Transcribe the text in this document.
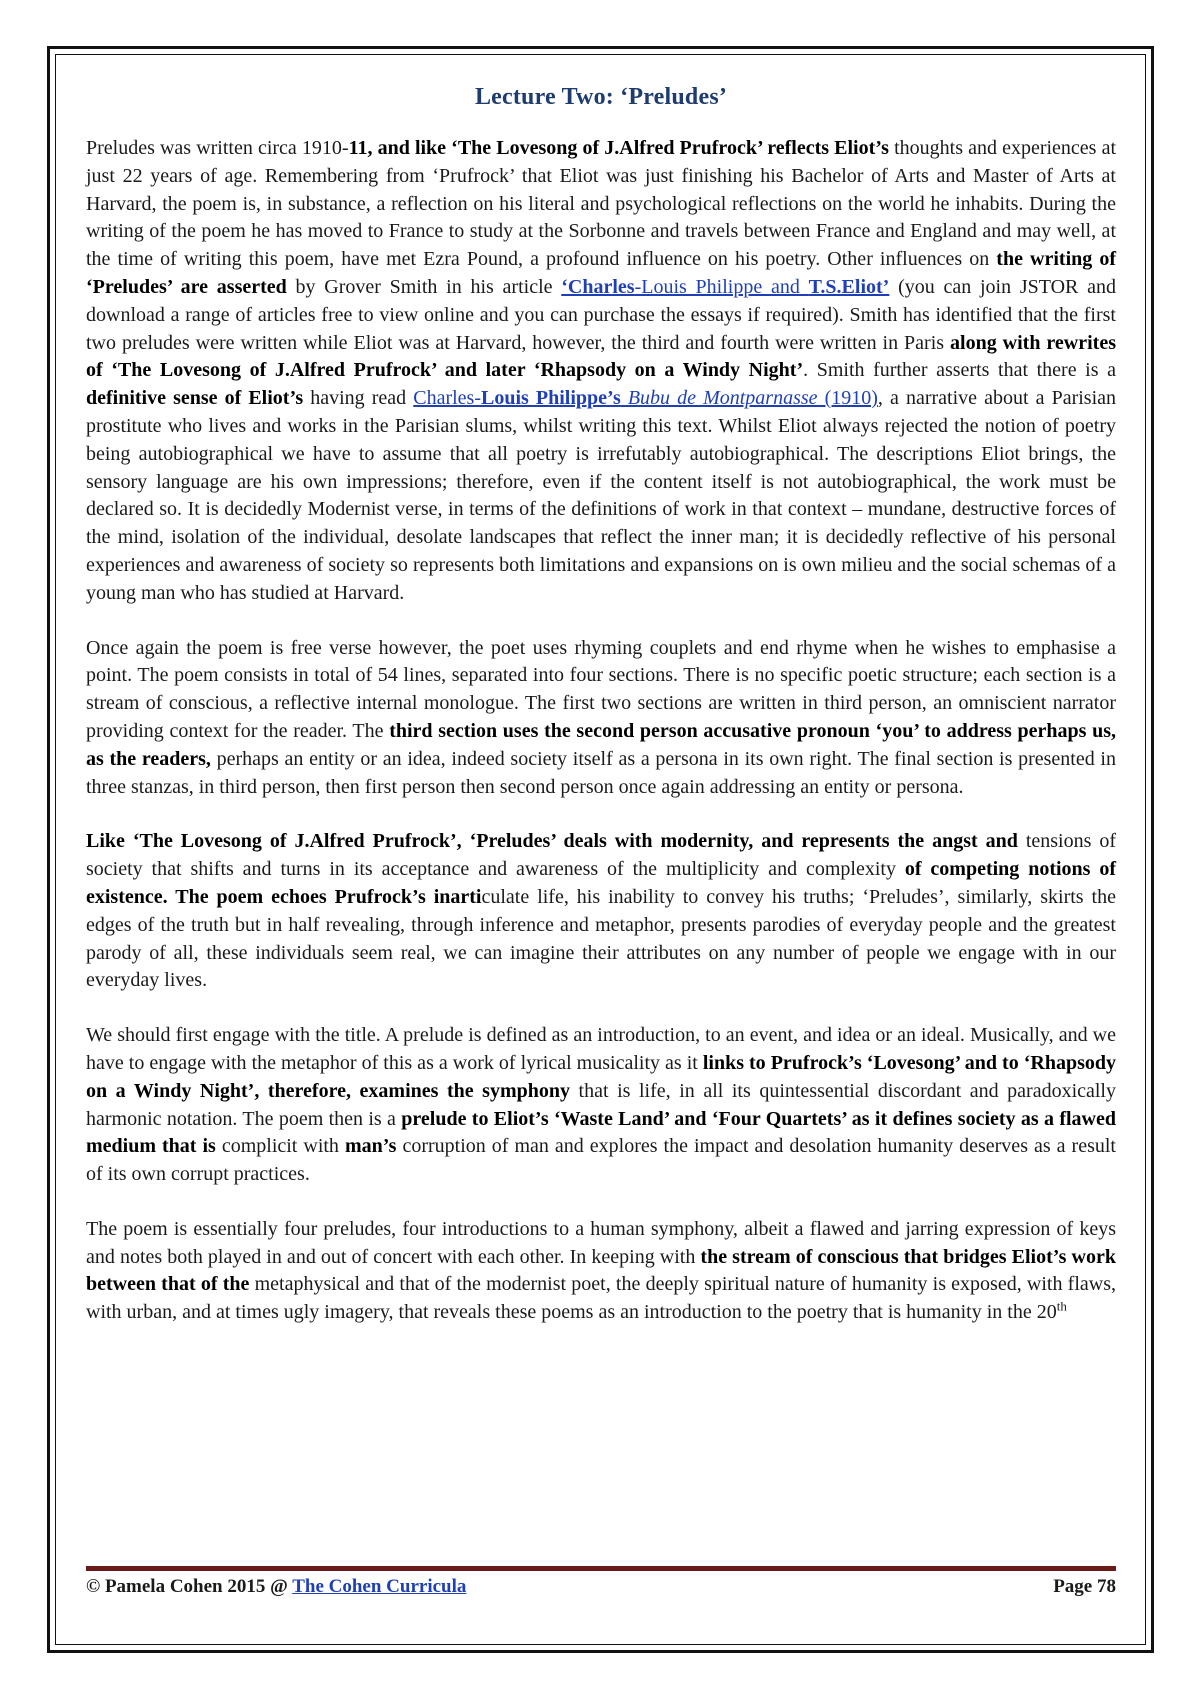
Lecture Two: ‘Preludes’

Preludes was written circa 1910-11, and like ‘The Lovesong of J.Alfred Prufrock’ reflects Eliot’s thoughts and experiences at just 22 years of age. Remembering from ‘Prufrock’ that Eliot was just finishing his Bachelor of Arts and Master of Arts at Harvard, the poem is, in substance, a reflection on his literal and psychological reflections on the world he inhabits. During the writing of the poem he has moved to France to study at the Sorbonne and travels between France and England and may well, at the time of writing this poem, have met Ezra Pound, a profound influence on his poetry. Other influences on the writing of ‘Preludes’ are asserted by Grover Smith in his article ‘Charles-Louis Philippe and T.S.Eliot’ (you can join JSTOR and download a range of articles free to view online and you can purchase the essays if required). Smith has identified that the first two preludes were written while Eliot was at Harvard, however, the third and fourth were written in Paris along with rewrites of ‘The Lovesong of J.Alfred Prufrock’ and later ‘Rhapsody on a Windy Night’. Smith further asserts that there is a definitive sense of Eliot’s having read Charles-Louis Philippe’s Bubu de Montparnasse (1910), a narrative about a Parisian prostitute who lives and works in the Parisian slums, whilst writing this text. Whilst Eliot always rejected the notion of poetry being autobiographical we have to assume that all poetry is irrefutably autobiographical. The descriptions Eliot brings, the sensory language are his own impressions; therefore, even if the content itself is not autobiographical, the work must be declared so. It is decidedly Modernist verse, in terms of the definitions of work in that context – mundane, destructive forces of the mind, isolation of the individual, desolate landscapes that reflect the inner man; it is decidedly reflective of his personal experiences and awareness of society so represents both limitations and expansions on is own milieu and the social schemas of a young man who has studied at Harvard.

Once again the poem is free verse however, the poet uses rhyming couplets and end rhyme when he wishes to emphasise a point. The poem consists in total of 54 lines, separated into four sections. There is no specific poetic structure; each section is a stream of conscious, a reflective internal monologue. The first two sections are written in third person, an omniscient narrator providing context for the reader. The third section uses the second person accusative pronoun ‘you’ to address perhaps us, as the readers, perhaps an entity or an idea, indeed society itself as a persona in its own right. The final section is presented in three stanzas, in third person, then first person then second person once again addressing an entity or persona.

Like ‘The Lovesong of J.Alfred Prufrock’, ‘Preludes’ deals with modernity, and represents the angst and tensions of society that shifts and turns in its acceptance and awareness of the multiplicity and complexity of competing notions of existence. The poem echoes Prufrock’s inarticulate life, his inability to convey his truths; ‘Preludes’, similarly, skirts the edges of the truth but in half revealing, through inference and metaphor, presents parodies of everyday people and the greatest parody of all, these individuals seem real, we can imagine their attributes on any number of people we engage with in our everyday lives.

We should first engage with the title. A prelude is defined as an introduction, to an event, and idea or an ideal. Musically, and we have to engage with the metaphor of this as a work of lyrical musicality as it links to Prufrock’s ‘Lovesong’ and to ‘Rhapsody on a Windy Night’, therefore, examines the symphony that is life, in all its quintessential discordant and paradoxically harmonic notation. The poem then is a prelude to Eliot’s ‘Waste Land’ and ‘Four Quartets’ as it defines society as a flawed medium that is complicit with man’s corruption of man and explores the impact and desolation humanity deserves as a result of its own corrupt practices.

The poem is essentially four preludes, four introductions to a human symphony, albeit a flawed and jarring expression of keys and notes both played in and out of concert with each other. In keeping with the stream of conscious that bridges Eliot’s work between that of the metaphysical and that of the modernist poet, the deeply spiritual nature of humanity is exposed, with flaws, with urban, and at times ugly imagery, that reveals these poems as an introduction to the poetry that is humanity in the 20th

© Pamela Cohen 2015 @ The Cohen Curricula	Page 78
